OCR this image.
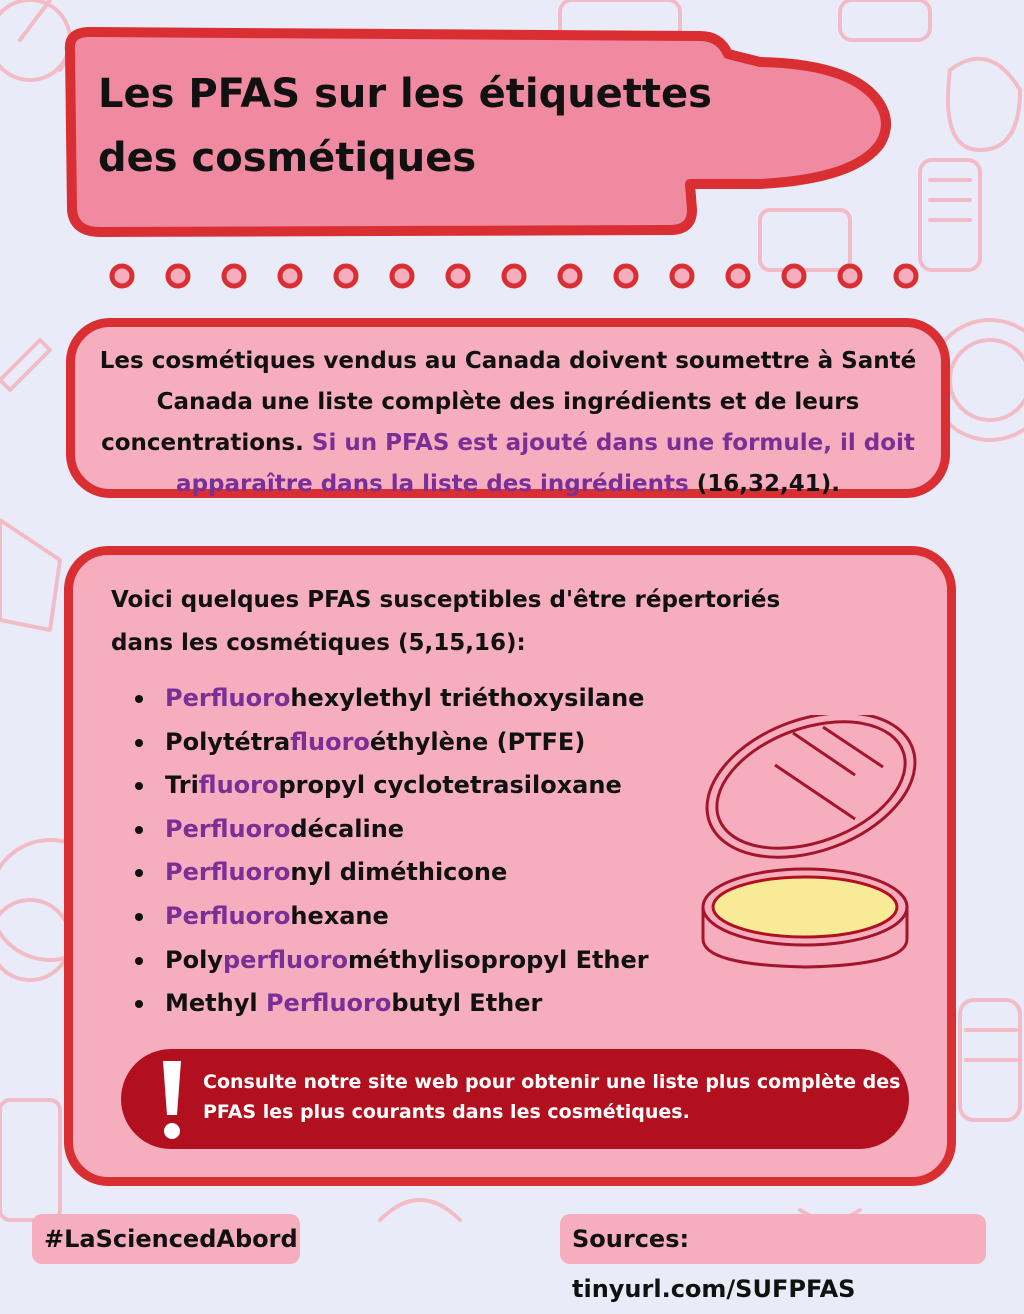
Les PFAS sur les étiquettes
des cosmétiques
Les cosmétiques vendus au Canada doivent soumettre à Santé Canada une liste complète des ingrédients et de leurs concentrations. Si un PFAS est ajouté dans une formule, il doit apparaître dans la liste des ingrédients (16,32,41).
Voici quelques PFAS susceptibles d'être répertoriés dans les cosmétiques (5,15,16):
Perfluorohexylethyl triéthoxysilane
Polytétrafluoroéthylène (PTFE)
Trifluoropropyl cyclotetrasiloxane
Perfluorodécaline
Perfluoronyl diméthicone
Perfluorohexane
Polyperfluorométhylisopropyl Ether
Methyl Perfluorobutyl Ether
Consulte notre site web pour obtenir une liste plus complète des PFAS les plus courants dans les cosmétiques.
#LaSciencedAbord	Sources: tinyurl.com/SUFPFAS
